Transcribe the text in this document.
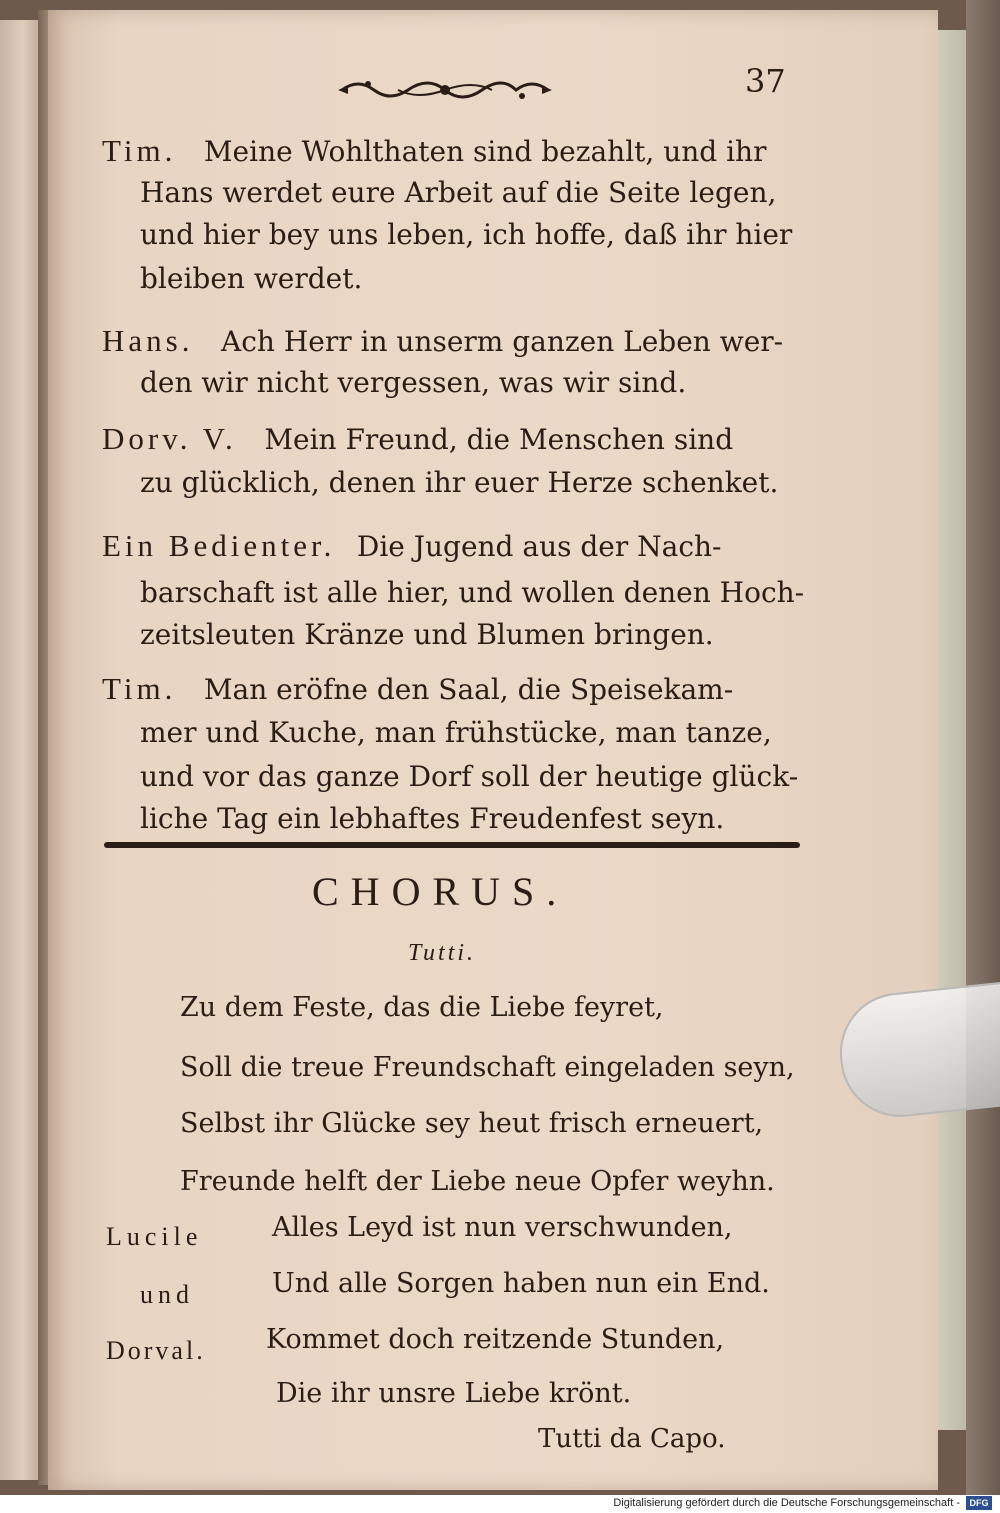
37
Tim. Meine Wohlthaten sind bezahlt, und ihr
Hans werdet eure Arbeit auf die Seite legen,
und hier bey uns leben, ich hoffe, daß ihr hier
bleiben werdet.
Hans. Ach Herr in unserm ganzen Leben wer-
den wir nicht vergessen, was wir sind.
Dorv. V. Mein Freund, die Menschen sind
zu glücklich, denen ihr euer Herze schenket.
Ein Bedienter. Die Jugend aus der Nach-
barschaft ist alle hier, und wollen denen Hoch-
zeitsleuten Kränze und Blumen bringen.
Tim. Man eröfne den Saal, die Speisekam-
mer und Kuche, man frühstücke, man tanze,
und vor das ganze Dorf soll der heutige glück-
liche Tag ein lebhaftes Freudenfest seyn.
CHORUS.
Tutti.
Zu dem Feste, das die Liebe feyret,
Soll die treue Freundschaft eingeladen seyn,
Selbst ihr Glücke sey heut frisch erneuert,
Freunde helft der Liebe neue Opfer weyhn.
Lucile
und
Dorval.
Alles Leyd ist nun verschwunden,
Und alle Sorgen haben nun ein End.
Kommet doch reitzende Stunden,
Die ihr unsre Liebe krönt.
Tutti da Capo.
Digitalisierung gefördert durch die Deutsche Forschungsgemeinschaft -	DFG
